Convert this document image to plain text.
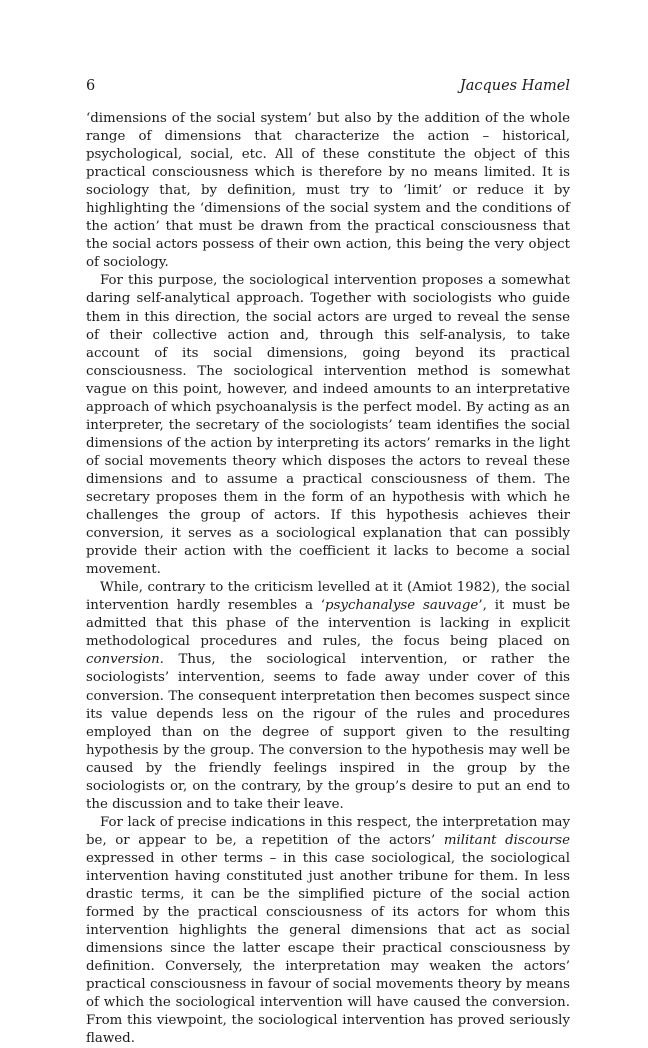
6	Jacques Hamel

‘dimensions of the social system’ but also by the addition of the whole range of dimensions that characterize the action – historical, psychological, social, etc. All of these constitute the object of this practical consciousness which is therefore by no means limited. It is sociology that, by definition, must try to ‘limit’ or reduce it by highlighting the ‘dimensions of the social system and the conditions of the action’ that must be drawn from the practical consciousness that the social actors possess of their own action, this being the very object of sociology.

For this purpose, the sociological intervention proposes a somewhat daring self-analytical approach. Together with sociologists who guide them in this direction, the social actors are urged to reveal the sense of their collective action and, through this self-analysis, to take account of its social dimensions, going beyond its practical consciousness. The sociological intervention method is somewhat vague on this point, however, and indeed amounts to an interpretative approach of which psychoanalysis is the perfect model. By acting as an interpreter, the secretary of the sociologists’ team identifies the social dimensions of the action by interpreting its actors’ remarks in the light of social movements theory which disposes the actors to reveal these dimensions and to assume a practical consciousness of them. The secretary proposes them in the form of an hypothesis with which he challenges the group of actors. If this hypothesis achieves their conversion, it serves as a sociological explanation that can possibly provide their action with the coefficient it lacks to become a social movement.

While, contrary to the criticism levelled at it (Amiot 1982), the social intervention hardly resembles a ‘psychanalyse sauvage’, it must be admitted that this phase of the intervention is lacking in explicit methodological procedures and rules, the focus being placed on conversion. Thus, the sociological intervention, or rather the sociologists’ intervention, seems to fade away under cover of this conversion. The consequent interpretation then becomes suspect since its value depends less on the rigour of the rules and procedures employed than on the degree of support given to the resulting hypothesis by the group. The conversion to the hypothesis may well be caused by the friendly feelings inspired in the group by the sociologists or, on the contrary, by the group’s desire to put an end to the discussion and to take their leave.

For lack of precise indications in this respect, the interpretation may be, or appear to be, a repetition of the actors’ militant discourse expressed in other terms – in this case sociological, the sociological intervention having constituted just another tribune for them. In less drastic terms, it can be the simplified picture of the social action formed by the practical consciousness of its actors for whom this intervention highlights the general dimensions that act as social dimensions since the latter escape their practical consciousness by definition. Conversely, the interpretation may weaken the actors’ practical consciousness in favour of social movements theory by means of which the sociological intervention will have caused the conversion. From this viewpoint, the sociological intervention has proved seriously flawed.
